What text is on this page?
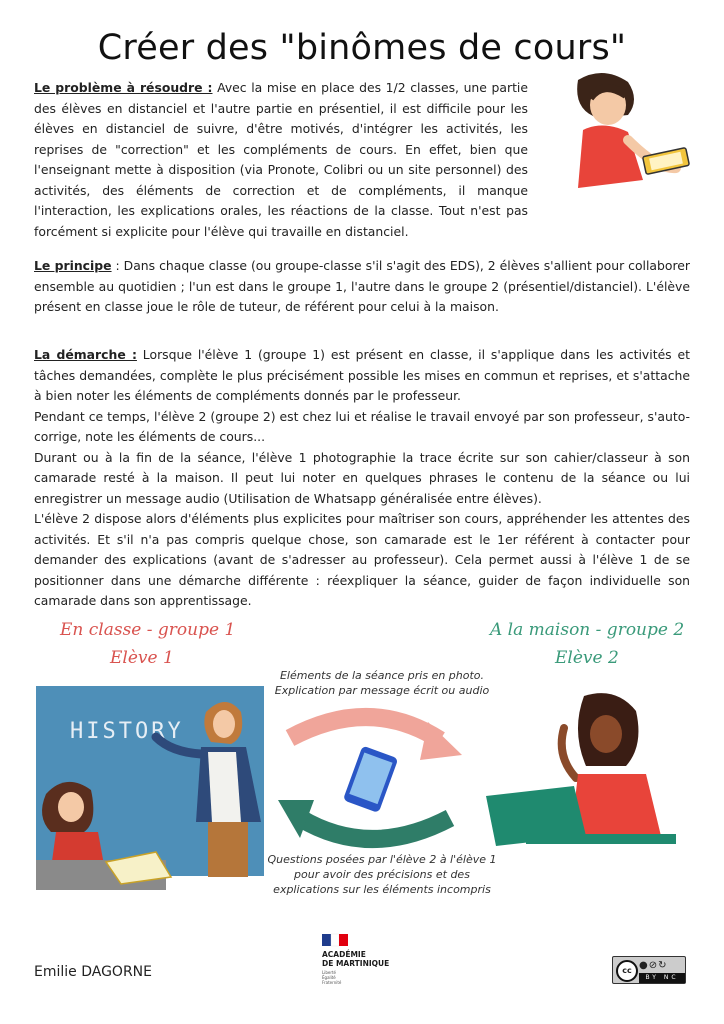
Créer des "binômes de cours"

Le problème à résoudre : Avec la mise en place des 1/2 classes, une partie des élèves en distanciel et l'autre partie en présentiel, il est difficile pour les élèves en distanciel de suivre, d'être motivés, d'intégrer les activités, les reprises de "correction" et les compléments de cours. En effet, bien que l'enseignant mette à disposition (via Pronote, Colibri ou un site personnel) des activités, des éléments de correction et de compléments, il manque l'interaction, les explications orales, les réactions de la classe. Tout n'est pas forcément si explicite pour l'élève qui travaille en distanciel.

Le principe : Dans chaque classe (ou groupe-classe s'il s'agit des EDS), 2 élèves s'allient pour collaborer ensemble au quotidien ; l'un est dans le groupe 1, l'autre dans le groupe 2 (présentiel/distanciel). L'élève présent en classe joue le rôle de tuteur, de référent pour celui à la maison.

La démarche : Lorsque l'élève 1 (groupe 1) est présent en classe, il s'applique dans les activités et tâches demandées, complète le plus précisément possible les mises en commun et reprises, et s'attache à bien noter les éléments de compléments donnés par le professeur.
Pendant ce temps, l'élève 2 (groupe 2) est chez lui et réalise le travail envoyé par son professeur, s'auto-corrige, note les éléments de cours...
Durant ou à la fin de la séance, l'élève 1 photographie la trace écrite sur son cahier/classeur à son camarade resté à la maison. Il peut lui noter en quelques phrases le contenu de la séance ou lui enregistrer un message audio (Utilisation de Whatsapp généralisée entre élèves).
L'élève 2 dispose alors d'éléments plus explicites pour maîtriser son cours, appréhender les attentes des activités. Et s'il n'a pas compris quelque chose, son camarade est le 1er référent à contacter pour demander des explications (avant de s'adresser au professeur). Cela permet aussi à l'élève 1 de se positionner dans une démarche différente : réexpliquer la séance, guider de façon individuelle son camarade dans son apprentissage.
En classe - groupe 1
Elève 1
A la maison - groupe 2
Elève 2
HISTORY
Eléments de la séance pris en photo.
Explication par message écrit ou audio
Questions posées par l'élève 2 à l'élève 1
pour avoir des précisions et des
explications sur les éléments incompris
Emilie DAGORNE
ACADÉMIE
DE MARTINIQUE
Liberté
Égalité
Fraternité
cc ●⊘↻
BY NC SA
